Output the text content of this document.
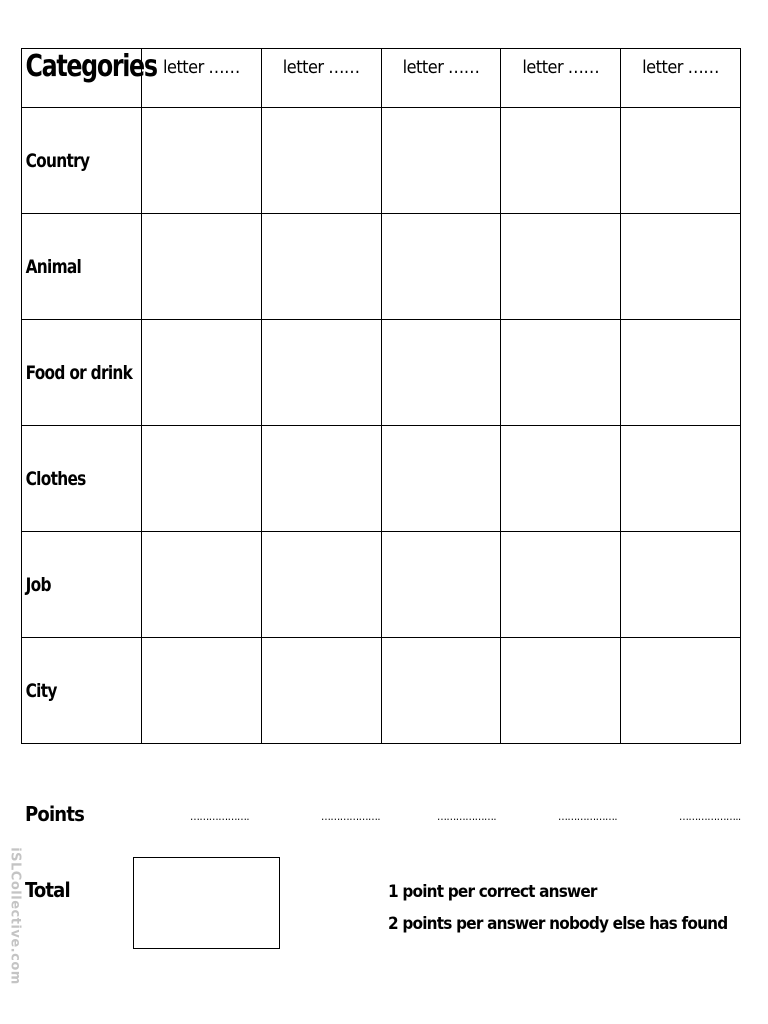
Categories	letter ……	letter ……	letter ……	letter ……	letter ……

Country					

Animal					

Food or drink					

Clothes					

Job					

City					

Points	……………….	……………….	……………….	……………….	………………..
Total	1 point per correct answer
2 points per answer nobody else has found
iSLCollective.com
